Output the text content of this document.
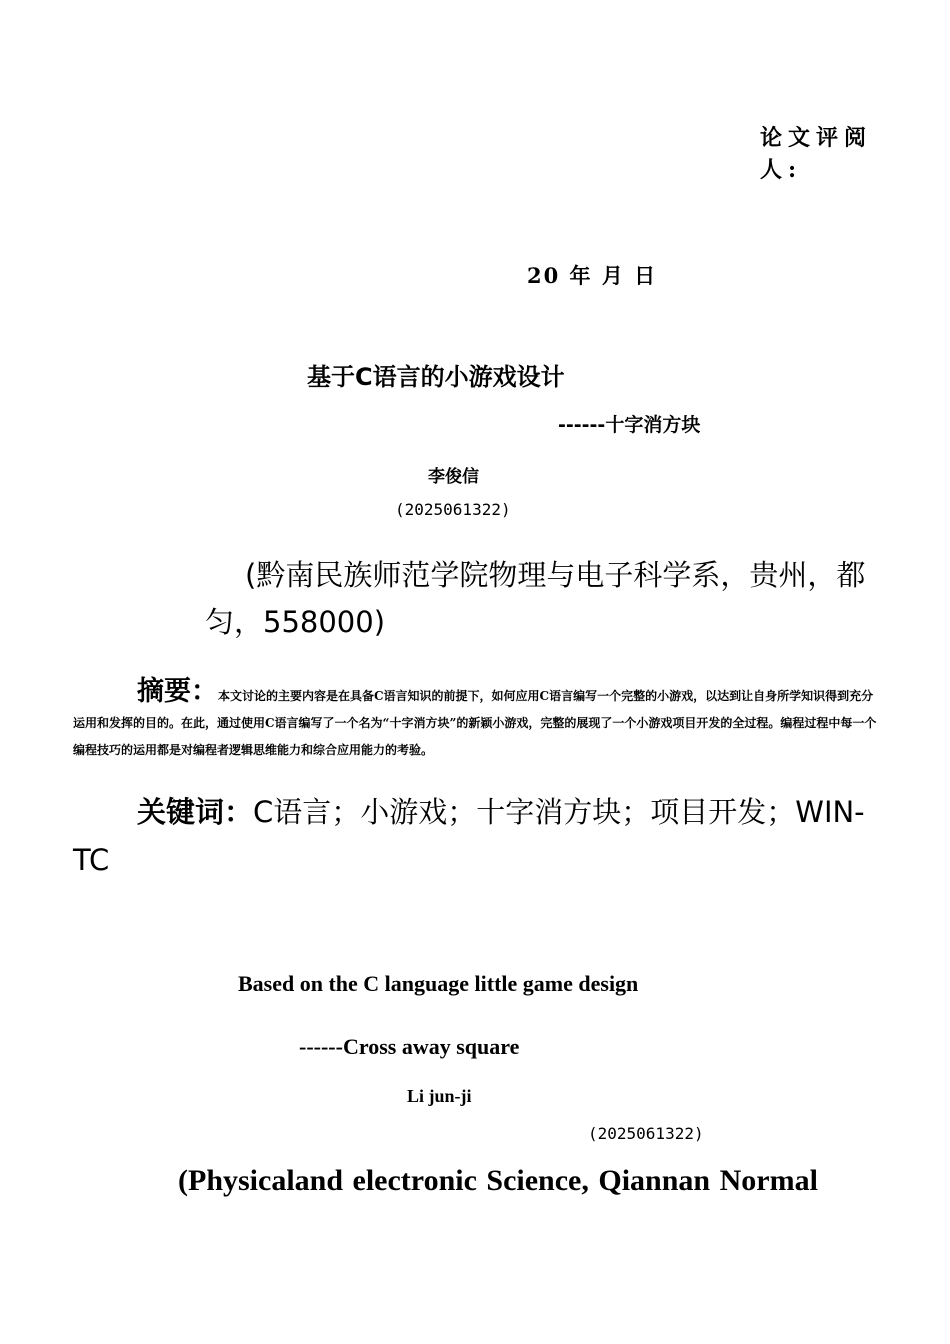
论文评阅
人:
20 年 月 日
基于C语言的小游戏设计
------十字消方块
李俊信
(2025061322)
(黔南民族师范学院物理与电子科学系，贵州，都匀，558000)
摘要：本文讨论的主要内容是在具备C语言知识的前提下，如何应用C语言编写一个完整的小游戏，以达到让自身所学知识得到充分运用和发挥的目的。在此，通过使用C语言编写了一个名为“十字消方块”的新颖小游戏，完整的展现了一个小游戏项目开发的全过程。编程过程中每一个编程技巧的运用都是对编程者逻辑思维能力和综合应用能力的考验。
关键词：C语言；小游戏；十字消方块；项目开发；WIN-TC
Based on the C language little game design
------Cross away square
Li jun-ji
(2025061322)
(Physicaland electronic Science, Qiannan Normal
